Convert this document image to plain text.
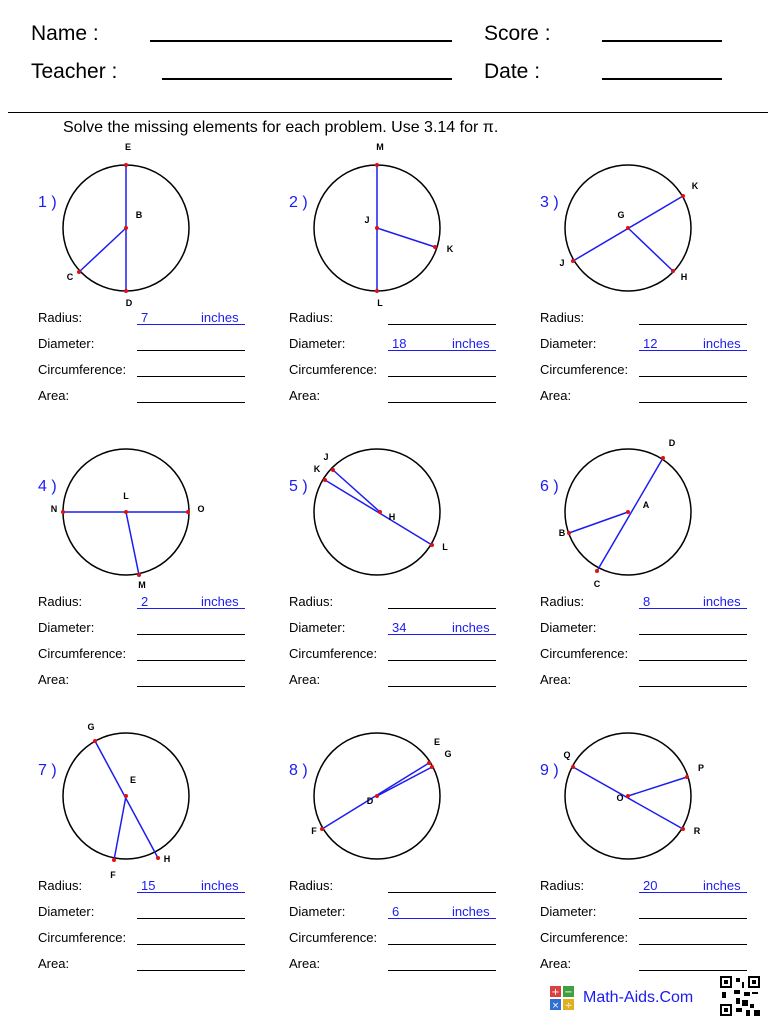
Name :
Teacher :
Score :
Date :
Solve the missing elements for each problem. Use 3.14 for π.
1 )
E
B
C
D
Radius:	7	inches
Diameter:
Circumference:
Area:
2 )
M
J
K
L
Radius:
Diameter:	18	inches
Circumference:
Area:
3 )
K
G
H
J
Radius:
Diameter:	12	inches
Circumference:
Area:
4 )
N
L
M
O
Radius:	2	inches
Diameter:
Circumference:
Area:
5 )
J
H
K
L
Radius:
Diameter:	34	inches
Circumference:
Area:
6 )
D
A
B
C
Radius:	8	inches
Diameter:
Circumference:
Area:
7 )
G
E
F
H
Radius:	15	inches
Diameter:
Circumference:
Area:
8 )
E
D
G
F
Radius:
Diameter:	6	inches
Circumference:
Area:
9 )
Q
O
P
R
Radius:	20	inches
Diameter:
Circumference:
Area:
+ −
× ÷ Math-Aids.Com
